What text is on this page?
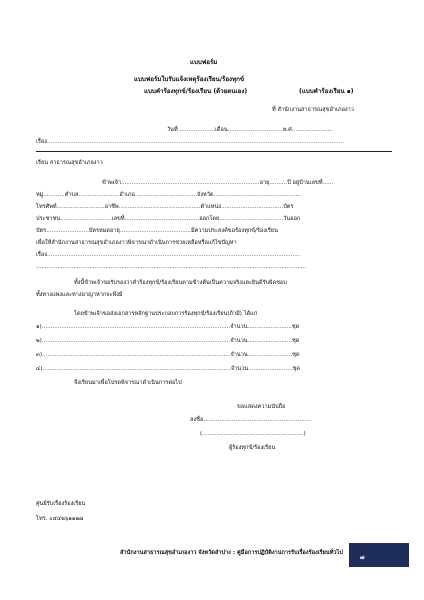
แบบฟอร์ม
แบบฟอร์มใบรับแจ้งเหตุร้องเรียน/ร้องทุกข์
แบบคำร้องทุกข์/ร้องเรียน (ด้วยตนเอง)	(แบบคำร้องเรียน ๑)
ที่ สำนักงานสาธารณสุขอำเภองาว
วันที่ ....................เดือน...............................พ.ศ.......................
เรื่อง.......................................................................................................................................................................
เรียน สาธารณสุขอำเภองาว
ข้าพเจ้า..............................................................................อายุ..........ปี อยู่บ้านเลขที่......
หมู่............ตำบล.......................อำเภอ...................................จังหวัด.................................................
โทรศัพท์...........................อาชีพ..............................................ตำแหน่ง...................................บัตร
ประชาชน.............................เลขที่..........................................ออกโดย....................................วันออก
บัตร........................บัตรหมดอายุ........................................มีความประสงค์ขอร้องทุกข์/ร้องเรียน
เพื่อให้สำนักงานสาธารณสุขอำเภองาวพิจารณาดำเนินการช่วยเหลือหรือแก้ไขปัญหา
เรื่อง..............................................................................................................................................
........................................................................................................................................................
ทั้งนี้ข้าพเจ้าขอรับรองว่าคำร้องทุกข์/ร้องเรียนตามข้างต้นเป็นความจริงและยินดีรับผิดชอบ
ทั้งทางแพ่งและทางอาญาหากจะพึงมี
โดยข้าพเจ้าขอส่งเอกสารหลักฐานประกอบการร้องทุกข์/ร้องเรียน(ถ้ามี) ได้แก่
๑)..........................................................................................................จำนวน.........................ชุด
๒)..........................................................................................................จำนวน.........................ชุด
๓)..........................................................................................................จำนวน.........................ชุด
๔)..........................................................................................................จำนวน.........................ชุด
จึงเรียนมาเพื่อโปรดพิจารณาดำเนินการต่อไป
ขอแสดงความนับถือ
ลงชื่อ.............................................................
(.........................................................)
ผู้ร้องทุกข์/ร้องเรียน
ศูนย์รับเรื่องร้องเรียน
โทร. ๐๕๔๒๖๑๑๒๗
สำนักงานสาธารณสุขอำเภองาว จังหวัดลำปาง : คู่มือการปฏิบัติงานการรับเรื่องร้องเรียนทั่วไป
๗
